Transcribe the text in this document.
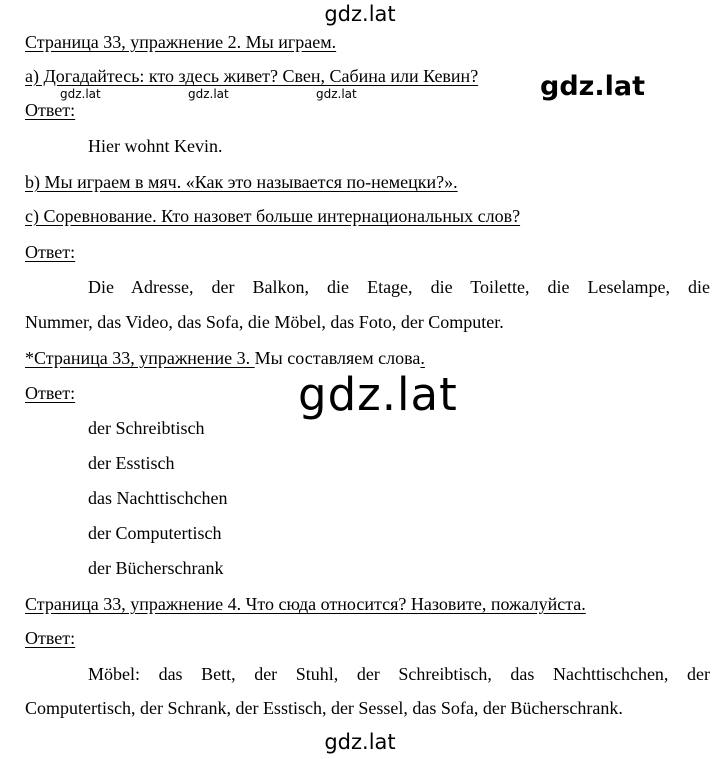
gdz.lat
Страница 33, упражнение 2. Мы играем.
а) Догадайтесь: кто здесь живет? Свен, Сабина или Кевин? gdz.lat
gdz.lat	gdz.lat	gdz.lat
Ответ:
Hier wohnt Kevin.
b) Мы играем в мяч. «Как это называется по-немецки?».
c) Соревнование. Кто назовет больше интернациональных слов?
Ответ:
Die Adresse, der Balkon, die Etage, die Toilette, die Leselampe, die
Nummer, das Video, das Sofa, die Möbel, das Foto, der Computer.
*Страница 33, упражнение 3. Мы составляем слова.
Ответ:	gdz.lat
der Schreibtisch
der Esstisch
das Nachttischchen
der Computertisch
der Bücherschrank
Страница 33, упражнение 4. Что сюда относится? Назовите, пожалуйста.
Ответ:
Möbel: das Bett, der Stuhl, der Schreibtisch, das Nachttischchen, der
Computertisch, der Schrank, der Esstisch, der Sessel, das Sofa, der Bücherschrank.
gdz.lat
